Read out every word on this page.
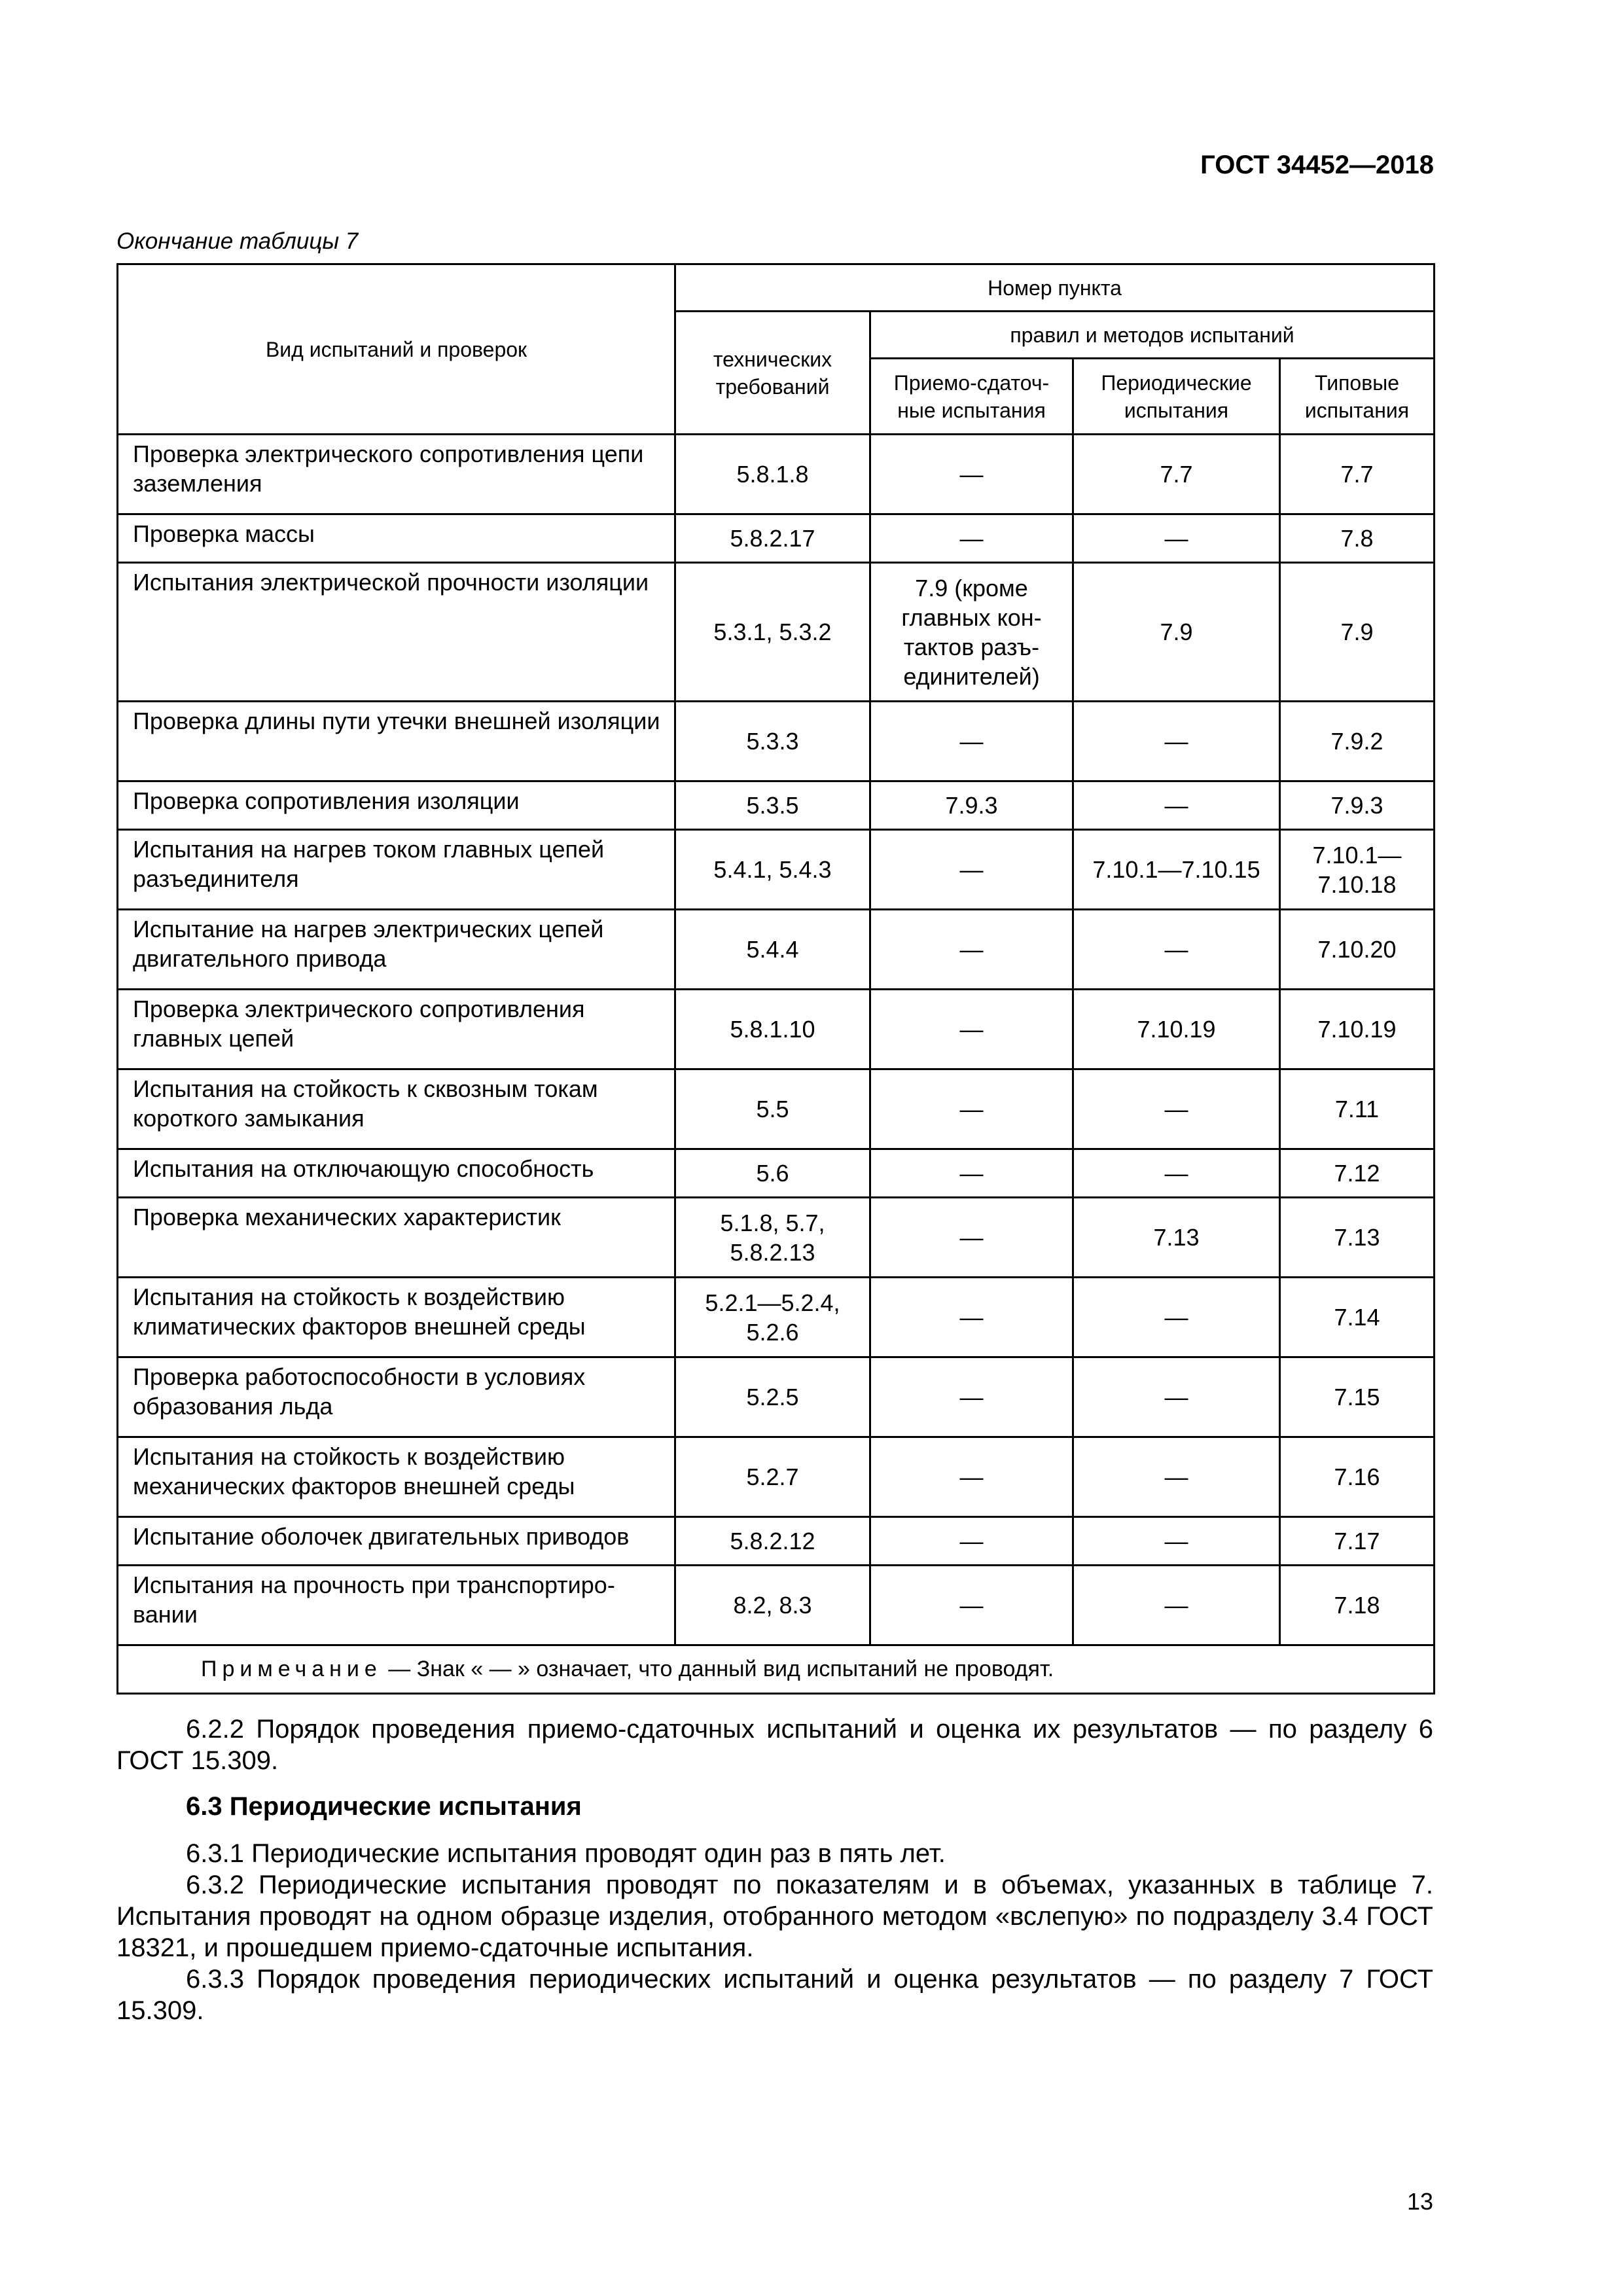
ГОСТ 34452—2018
Окончание таблицы 7
Вид испытаний и проверок	Номер пункта			
	технических требований	правил и методов испытаний		
		Приемо-сдаточ-ные испытания	Периодические испытания	Типовые испытания
Проверка электрического сопротивления цепи заземления	5.8.1.8	—	7.7	7.7
Проверка массы	5.8.2.17	—	—	7.8
Испытания электрической прочности изоляции	5.3.1, 5.3.2	7.9 (кроме главных кон-тактов разъ-единителей)	7.9	7.9
Проверка длины пути утечки внешней изоляции	5.3.3	—	—	7.9.2
Проверка сопротивления изоляции	5.3.5	7.9.3	—	7.9.3
Испытания на нагрев током главных цепей разъединителя	5.4.1, 5.4.3	—	7.10.1—7.10.15	7.10.1—7.10.18
Испытание на нагрев электрических цепей двигательного привода	5.4.4	—	—	7.10.20
Проверка электрического сопротивления главных цепей	5.8.1.10	—	7.10.19	7.10.19
Испытания на стойкость к сквозным токам короткого замыкания	5.5	—	—	7.11
Испытания на отключающую способность	5.6	—	—	7.12
Проверка механических характеристик	5.1.8, 5.7, 5.8.2.13	—	7.13	7.13
Испытания на стойкость к воздействию климатических факторов внешней среды	5.2.1—5.2.4, 5.2.6	—	—	7.14
Проверка работоспособности в условиях образования льда	5.2.5	—	—	7.15
Испытания на стойкость к воздействию механических факторов внешней среды	5.2.7	—	—	7.16
Испытание оболочек двигательных приводов	5.8.2.12	—	—	7.17
Испытания на прочность при транспортиро-вании	8.2, 8.3	—	—	7.18
Примечание — Знак « — » означает, что данный вид испытаний не проводят.				

6.2.2 Порядок проведения приемо-сдаточных испытаний и оценка их результатов — по разделу 6 ГОСТ 15.309.

6.3 Периодические испытания

6.3.1 Периодические испытания проводят один раз в пять лет.

6.3.2 Периодические испытания проводят по показателям и в объемах, указанных в таблице 7. Испытания проводят на одном образце изделия, отобранного методом «вслепую» по подразделу 3.4 ГОСТ 18321, и прошедшем приемо-сдаточные испытания.

6.3.3 Порядок проведения периодических испытаний и оценка результатов — по разделу 7 ГОСТ 15.309.

13
